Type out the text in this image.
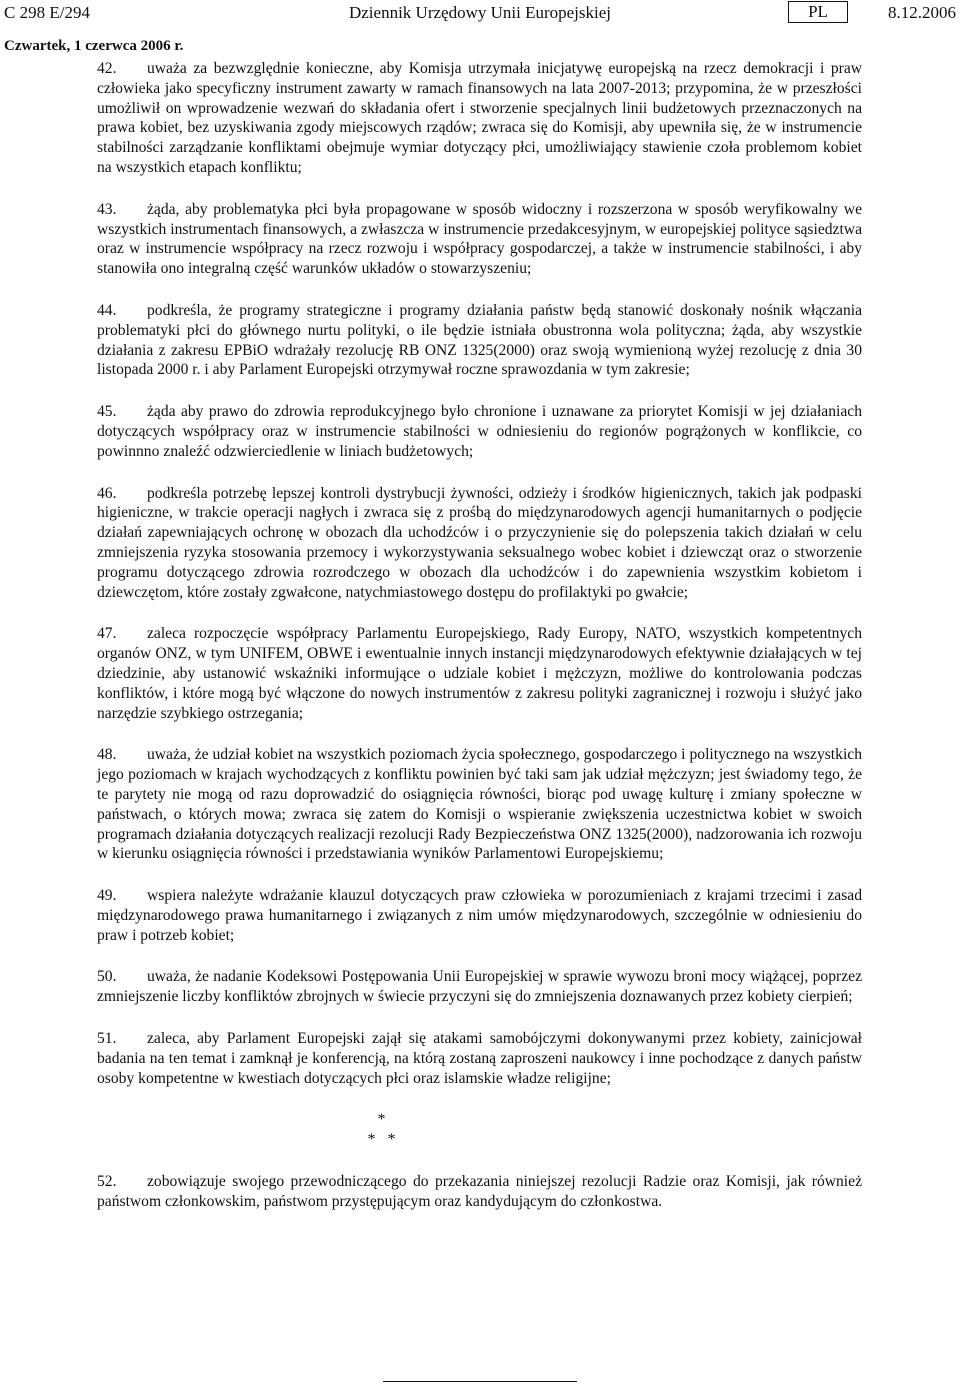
C 298 E/294	Dziennik Urzędowy Unii Europejskiej	PL	8.12.2006
Czwartek, 1 czerwca 2006 r.

42. uważa za bezwzględnie konieczne, aby Komisja utrzymała inicjatywę europejską na rzecz demokracji i praw człowieka jako specyficzny instrument zawarty w ramach finansowych na lata 2007-2013; przypomina, że w przeszłości umożliwił on wprowadzenie wezwań do składania ofert i stworzenie specjalnych linii budżetowych przeznaczonych na prawa kobiet, bez uzyskiwania zgody miejscowych rządów; zwraca się do Komisji, aby upewniła się, że w instrumencie stabilności zarządzanie konfliktami obejmuje wymiar dotyczący płci, umożliwiający stawienie czoła problemom kobiet na wszystkich etapach konfliktu;

43. żąda, aby problematyka płci była propagowane w sposób widoczny i rozszerzona w sposób weryfikowalny we wszystkich instrumentach finansowych, a zwłaszcza w instrumencie przedakcesyjnym, w europejskiej polityce sąsiedztwa oraz w instrumencie współpracy na rzecz rozwoju i współpracy gospodarczej, a także w instrumencie stabilności, i aby stanowiła ono integralną część warunków układów o stowarzyszeniu;

44. podkreśla, że programy strategiczne i programy działania państw będą stanowić doskonały nośnik włączania problematyki płci do głównego nurtu polityki, o ile będzie istniała obustronna wola polityczna; żąda, aby wszystkie działania z zakresu EPBiO wdrażały rezolucję RB ONZ 1325(2000) oraz swoją wymienioną wyżej rezolucję z dnia 30 listopada 2000 r. i aby Parlament Europejski otrzymywał roczne sprawozdania w tym zakresie;

45. żąda aby prawo do zdrowia reprodukcyjnego było chronione i uznawane za priorytet Komisji w jej działaniach dotyczących współpracy oraz w instrumencie stabilności w odniesieniu do regionów pogrążonych w konflikcie, co powinnno znaleźć odzwierciedlenie w liniach budżetowych;

46. podkreśla potrzebę lepszej kontroli dystrybucji żywności, odzieży i środków higienicznych, takich jak podpaski higieniczne, w trakcie operacji nagłych i zwraca się z prośbą do międzynarodowych agencji humanitarnych o podjęcie działań zapewniających ochronę w obozach dla uchodźców i o przyczynienie się do polepszenia takich działań w celu zmniejszenia ryzyka stosowania przemocy i wykorzystywania seksualnego wobec kobiet i dziewcząt oraz o stworzenie programu dotyczącego zdrowia rozrodczego w obozach dla uchodźców i do zapewnienia wszystkim kobietom i dziewczętom, które zostały zgwałcone, natychmiastowego dostępu do profilaktyki po gwałcie;

47. zaleca rozpoczęcie współpracy Parlamentu Europejskiego, Rady Europy, NATO, wszystkich kompetentnych organów ONZ, w tym UNIFEM, OBWE i ewentualnie innych instancji międzynarodowych efektywnie działających w tej dziedzinie, aby ustanowić wskaźniki informujące o udziale kobiet i mężczyzn, możliwe do kontrolowania podczas konfliktów, i które mogą być włączone do nowych instrumentów z zakresu polityki zagranicznej i rozwoju i służyć jako narzędzie szybkiego ostrzegania;

48. uważa, że udział kobiet na wszystkich poziomach życia społecznego, gospodarczego i politycznego na wszystkich jego poziomach w krajach wychodzących z konfliktu powinien być taki sam jak udział mężczyzn; jest świadomy tego, że te parytety nie mogą od razu doprowadzić do osiągnięcia równości, biorąc pod uwagę kulturę i zmiany społeczne w państwach, o których mowa; zwraca się zatem do Komisji o wspieranie zwiększenia uczestnictwa kobiet w swoich programach działania dotyczących realizacji rezolucji Rady Bezpieczeństwa ONZ 1325(2000), nadzorowania ich rozwoju w kierunku osiągnięcia równości i przedstawiania wyników Parlamentowi Europejskiemu;

49. wspiera należyte wdrażanie klauzul dotyczących praw człowieka w porozumieniach z krajami trzecimi i zasad międzynarodowego prawa humanitarnego i związanych z nim umów międzynarodowych, szczególnie w odniesieniu do praw i potrzeb kobiet;

50. uważa, że nadanie Kodeksowi Postępowania Unii Europejskiej w sprawie wywozu broni mocy wiążącej, poprzez zmniejszenie liczby konfliktów zbrojnych w świecie przyczyni się do zmniejszenia doznawanych przez kobiety cierpień;

51. zaleca, aby Parlament Europejski zajął się atakami samobójczymi dokonywanymi przez kobiety, zainicjował badania na ten temat i zamknął je konferencją, na którą zostaną zaproszeni naukowcy i inne pochodzące z danych państw osoby kompetentne w kwestiach dotyczących płci oraz islamskie władze religijne;

*
*   *

52. zobowiązuje swojego przewodniczącego do przekazania niniejszej rezolucji Radzie oraz Komisji, jak również państwom członkowskim, państwom przystępującym oraz kandydującym do członkostwa.
